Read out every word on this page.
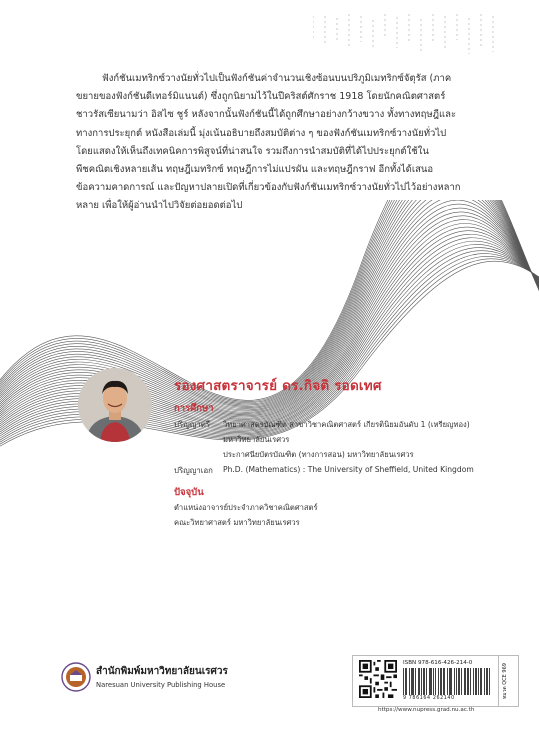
ฟังก์ชันเมทริกซ์วางนัยทั่วไปเป็นฟังก์ชันค่าจำนวนเชิงซ้อนบนปริภูมิเมทริกซ์จัตุรัส (ภาคขยายของฟังก์ชันดีเทอร์มิแนนต์) ซึ่งถูกนิยามไว้ในปีคริสต์ศักราช 1918 โดยนักคณิตศาสตร์ชาวรัสเซียนามว่า อิสไซ ชูร์ หลังจากนั้นฟังก์ชันนี้ได้ถูกศึกษาอย่างกว้างขวาง ทั้งทางทฤษฎีและทางการประยุกต์ หนังสือเล่มนี้ มุ่งเน้นอธิบายถึงสมบัติต่าง ๆ ของฟังก์ชันเมทริกซ์วางนัยทั่วไป โดยแสดงให้เห็นถึงเทคนิคการพิสูจน์ที่น่าสนใจ รวมถึงการนำสมบัติที่ได้ไปประยุกต์ใช้ในพีชคณิตเชิงหลายเส้น ทฤษฎีเมทริกซ์ ทฤษฎีการไม่แปรผัน และทฤษฎีกราฟ อีกทั้งได้เสนอข้อความคาดการณ์ และปัญหาปลายเปิดที่เกี่ยวข้องกับฟังก์ชันเมทริกซ์วางนัยทั่วไปไว้อย่างหลากหลาย เพื่อให้ผู้อ่านนำไปวิจัยต่อยอดต่อไป

รองศาสตราจารย์ ดร.กิจติ รอดเทศ
การศึกษา
ปริญญาตรี วิทยาศาสตรบัณฑิต สาขาวิชาคณิตศาสตร์ เกียรตินิยมอันดับ 1 (เหรียญทอง)
มหาวิทยาลัยนเรศวร
ประกาศนียบัตรบัณฑิต (ทางการสอน) มหาวิทยาลัยนเรศวร
ปริญญาเอก Ph.D. (Mathematics) : The University of Sheffield, United Kingdom
ปัจจุบัน
ตำแหน่งอาจารย์ประจำภาควิชาคณิตศาสตร์
คณะวิทยาศาสตร์ มหาวิทยาลัยนเรศวร
สำนักพิมพ์มหาวิทยาลัยนเรศวร
Naresuan University Publishing House
ISBN 978-616-426-214-0
9 786164 262140	หมวด QCE 969
https://www.nupress.grad.nu.ac.th
